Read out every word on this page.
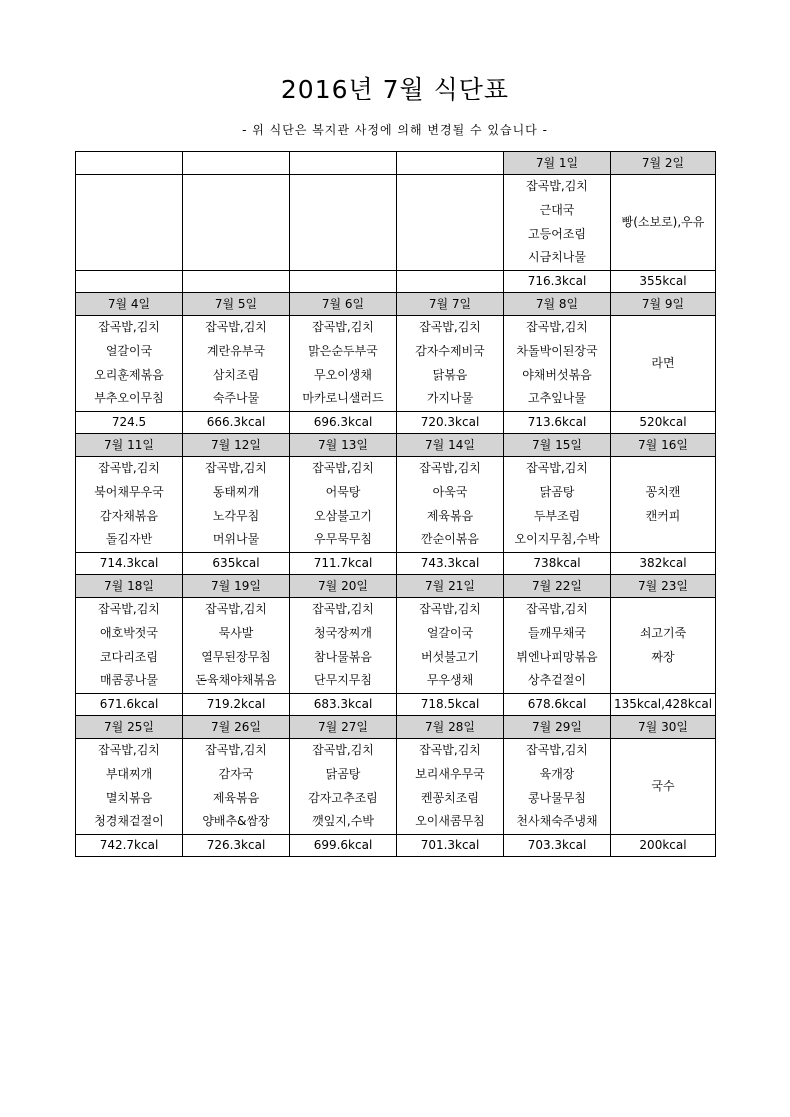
2016년 7월 식단표
- 위 식단은 복지관 사정에 의해 변경될 수 있습니다 -
				7월 1일	7월 2일

				잡곡밥,김치
근대국
고등어조림
시금치나물	빵(소보로),우유

				716.3kcal	355kcal
7월 4일	7월 5일	7월 6일	7월 7일	7월 8일	7월 9일

잡곡밥,김치
얼갈이국
오리훈제볶음
부추오이무침	잡곡밥,김치
계란유부국
삼치조림
숙주나물	잡곡밥,김치
맑은순두부국
무오이생채
마카로니샐러드	잡곡밥,김치
감자수제비국
닭볶음
가지나물	잡곡밥,김치
차돌박이된장국
야채버섯볶음
고추잎나물	라면

724.5	666.3kcal	696.3kcal	720.3kcal	713.6kcal	520kcal
7월 11일	7월 12일	7월 13일	7월 14일	7월 15일	7월 16일

잡곡밥,김치
북어채무우국
감자채볶음
돌김자반	잡곡밥,김치
동태찌개
노각무침
머위나물	잡곡밥,김치
어묵탕
오삼불고기
우무묵무침	잡곡밥,김치
아욱국
제육볶음
깐순이볶음	잡곡밥,김치
닭곰탕
두부조림
오이지무침,수박	꽁치캔
캔커피

714.3kcal	635kcal	711.7kcal	743.3kcal	738kcal	382kcal
7월 18일	7월 19일	7월 20일	7월 21일	7월 22일	7월 23일

잡곡밥,김치
애호박젓국
코다리조림
매콤콩나물	잡곡밥,김치
묵사발
열무된장무침
돈육채야채볶음	잡곡밥,김치
청국장찌개
참나물볶음
단무지무침	잡곡밥,김치
얼갈이국
버섯불고기
무우생채	잡곡밥,김치
들깨무채국
뷔엔나피망볶음
상추겉절이	쇠고기죽
짜장

671.6kcal	719.2kcal	683.3kcal	718.5kcal	678.6kcal	135kcal,428kcal
7월 25일	7월 26일	7월 27일	7월 28일	7월 29일	7월 30일

잡곡밥,김치
부대찌개
멸치볶음
청경채겉절이	잡곡밥,김치
감자국
제육볶음
양배추&쌈장	잡곡밥,김치
닭곰탕
감자고추조림
깻잎지,수박	잡곡밥,김치
보리새우무국
켄꽁치조림
오이새콤무침	잡곡밥,김치
육개장
콩나물무침
천사채숙주냉채	국수

742.7kcal	726.3kcal	699.6kcal	701.3kcal	703.3kcal	200kcal
